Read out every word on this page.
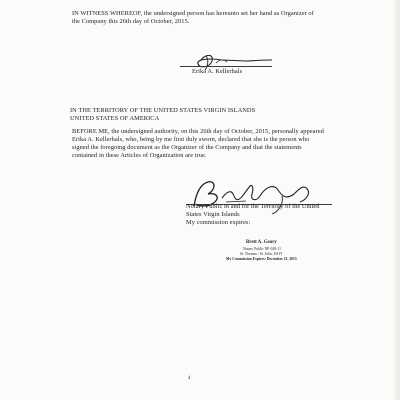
IN WITNESS WHEREOF, the undersigned person has hereunto set her hand as Organizer of
the Company this 26th day of October, 2015.
Erika A. Kellerhals
IN THE TERRITORY OF THE UNITED STATES VIRGIN ISLANDS
UNITED STATES OF AMERICA
BEFORE ME, the undersigned authority, on this 26th day of October, 2015, personally appeared
Erika A. Kellerhals, who, being by me first duly sworn, declared that she is the person who
signed the foregoing document as the Organizer of the Company and that the statements
contained in these Articles of Organization are true.
Notary Public in and for the Territory of the United
States Virgin Islands
My commission expires:
Brett A. Geary
Notary Public NP-028-11
St. Thomas / St. John, USVI
My Commission Expires: December 21, 2015
4
